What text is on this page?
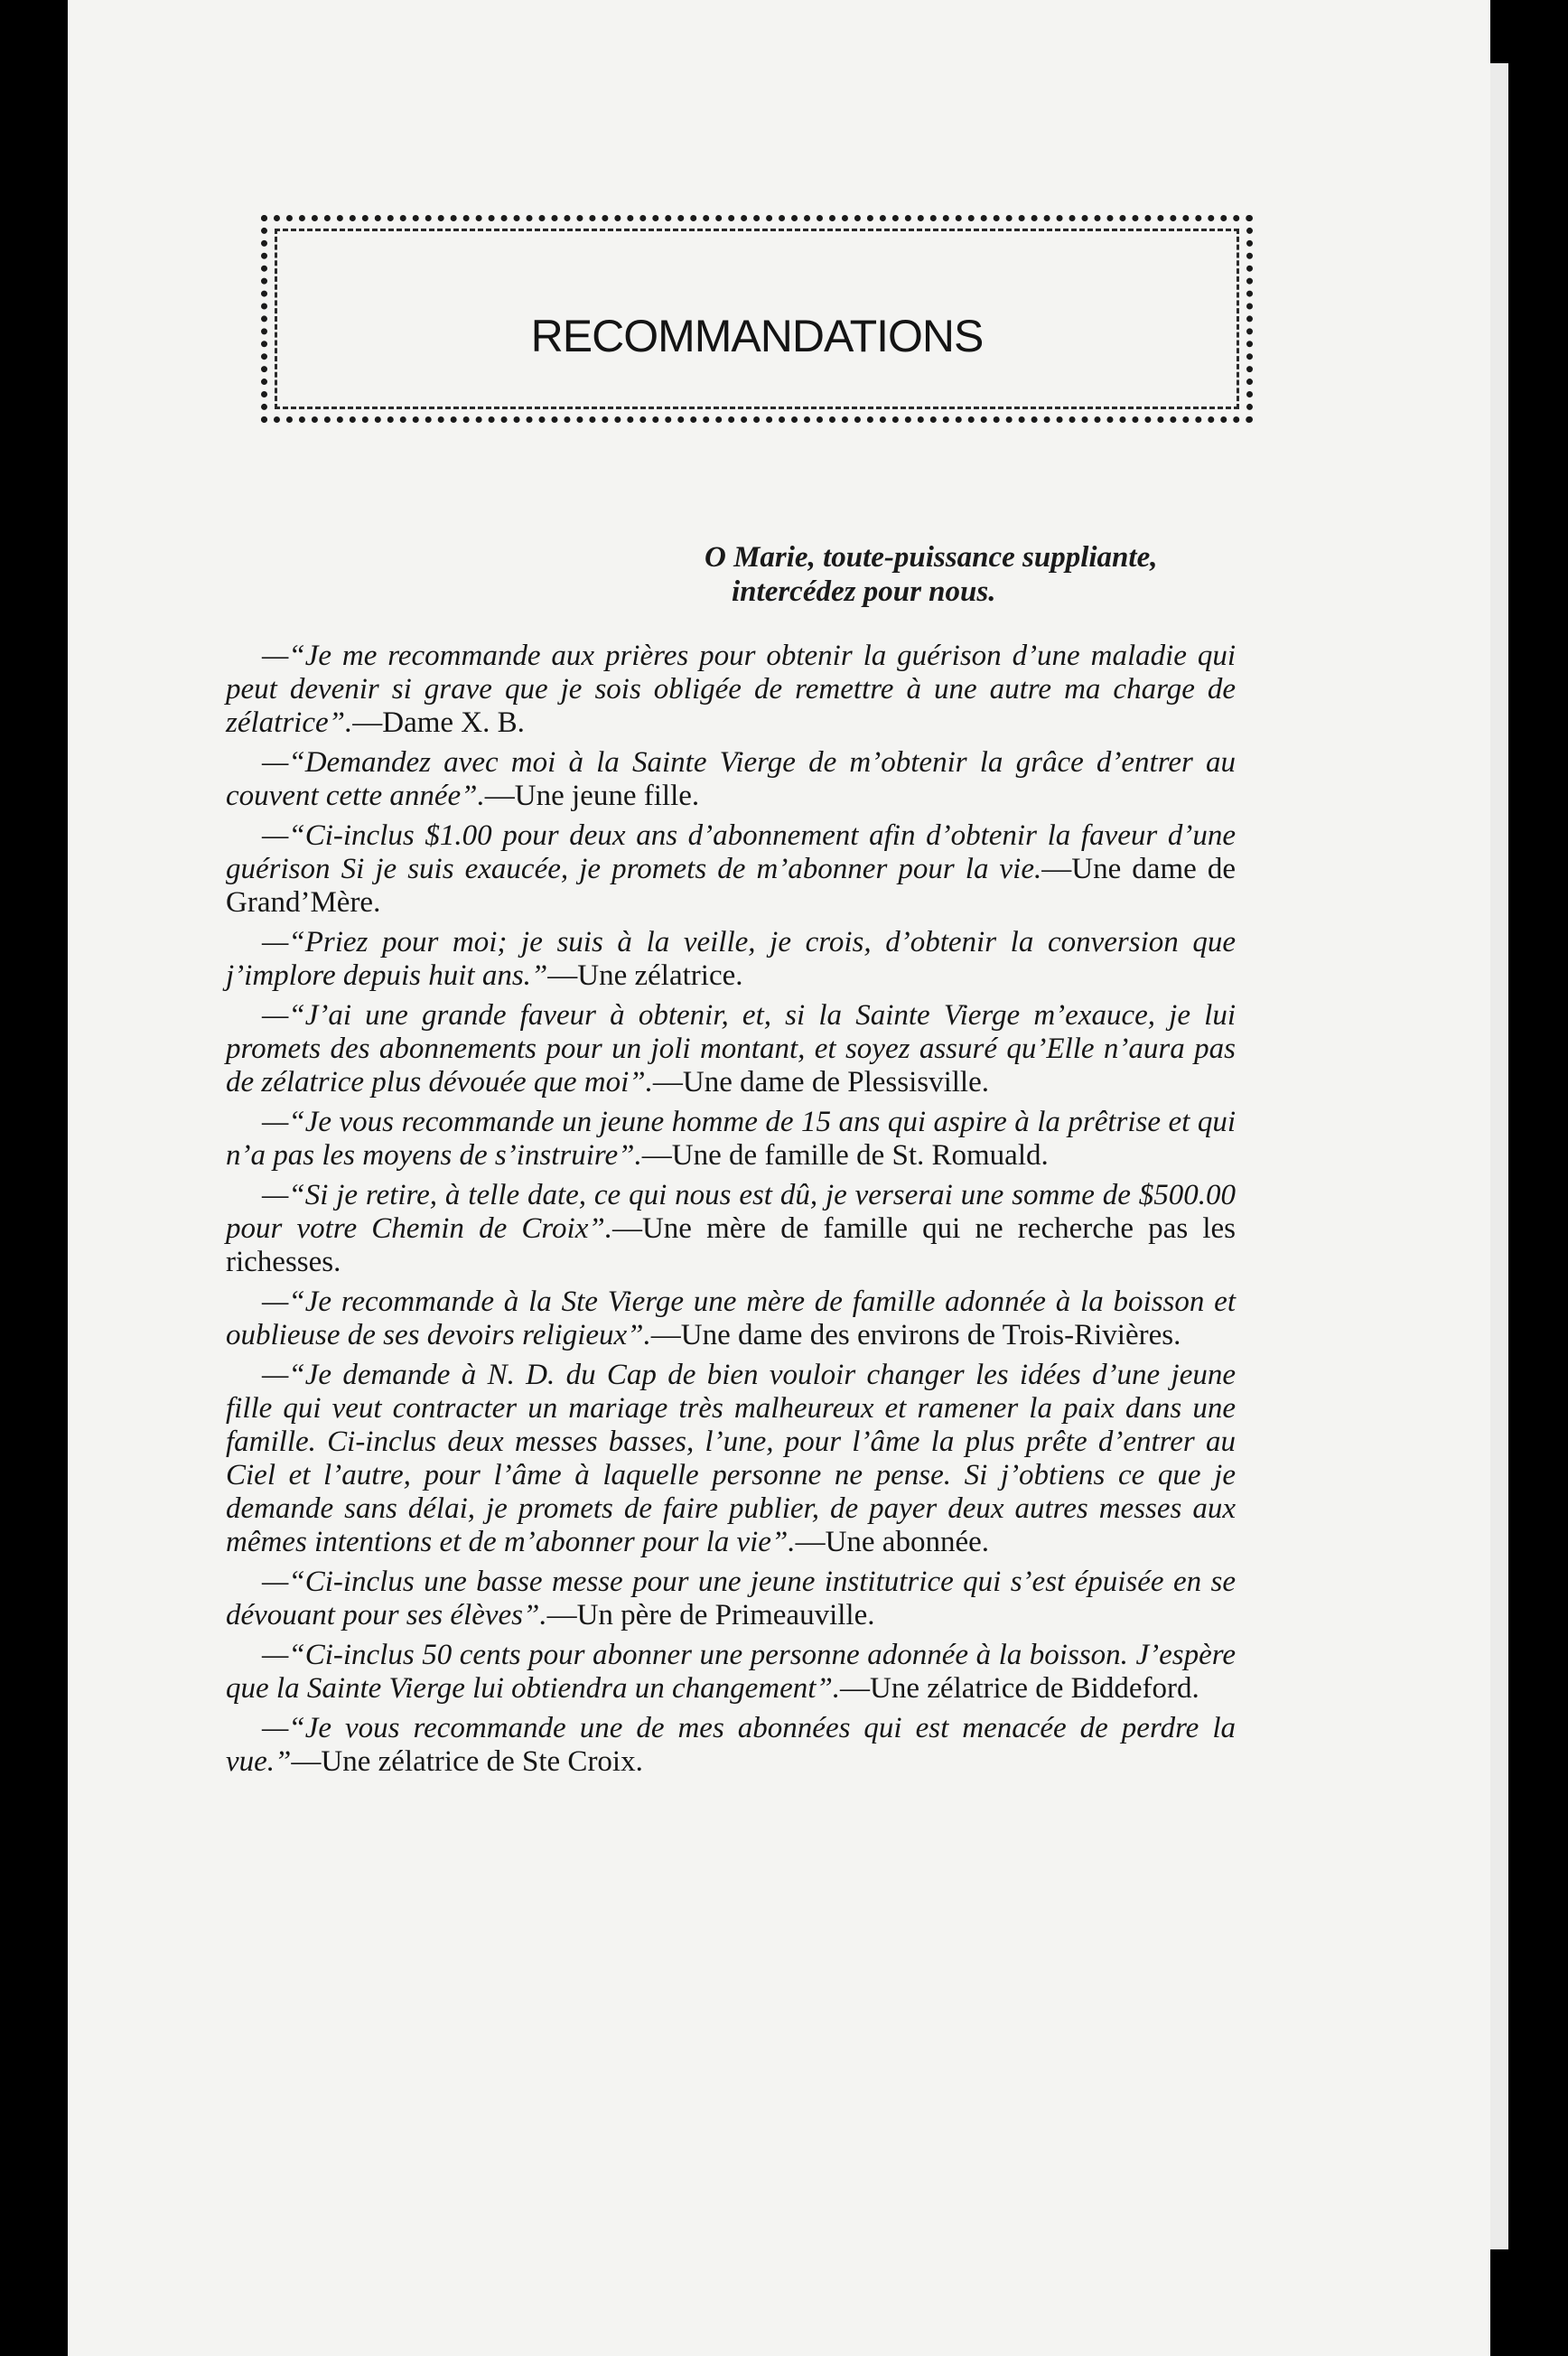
RECOMMANDATIONS
O Marie, toute-puissance suppliante,
intercédez pour nous.

—“Je me recommande aux prières pour obtenir la guérison d’une maladie qui peut devenir si grave que je sois obligée de remettre à une autre ma charge de zélatrice”.—Dame X. B.

—“Demandez avec moi à la Sainte Vierge de m’obtenir la grâce d’entrer au couvent cette année”.—Une jeune fille.

—“Ci-inclus $1.00 pour deux ans d’abonnement afin d’obtenir la faveur d’une guérison Si je suis exaucée, je promets de m’abonner pour la vie.—Une dame de Grand’Mère.

—“Priez pour moi; je suis à la veille, je crois, d’obtenir la conversion que j’implore depuis huit ans.”—Une zélatrice.

—“J’ai une grande faveur à obtenir, et, si la Sainte Vierge m’exauce, je lui promets des abonnements pour un joli montant, et soyez assuré qu’Elle n’aura pas de zélatrice plus dévouée que moi”.—Une dame de Plessisville.

—“Je vous recommande un jeune homme de 15 ans qui aspire à la prêtrise et qui n’a pas les moyens de s’instruire”.—Une de famille de St. Romuald.

—“Si je retire, à telle date, ce qui nous est dû, je verserai une somme de $500.00 pour votre Chemin de Croix”.—Une mère de famille qui ne recherche pas les richesses.

—“Je recommande à la Ste Vierge une mère de famille adonnée à la boisson et oublieuse de ses devoirs religieux”.—Une dame des environs de Trois-Rivières.

—“Je demande à N. D. du Cap de bien vouloir changer les idées d’une jeune fille qui veut contracter un mariage très malheureux et ramener la paix dans une famille. Ci-inclus deux messes basses, l’une, pour l’âme la plus prête d’entrer au Ciel et l’autre, pour l’âme à laquelle personne ne pense. Si j’obtiens ce que je demande sans délai, je promets de faire publier, de payer deux autres messes aux mêmes intentions et de m’abonner pour la vie”.—Une abonnée.

—“Ci-inclus une basse messe pour une jeune institutrice qui s’est épuisée en se dévouant pour ses élèves”.—Un père de Primeauville.

—“Ci-inclus 50 cents pour abonner une personne adonnée à la boisson. J’espère que la Sainte Vierge lui obtiendra un changement”.—Une zélatrice de Biddeford.

—“Je vous recommande une de mes abonnées qui est menacée de perdre la vue.”—Une zélatrice de Ste Croix.
